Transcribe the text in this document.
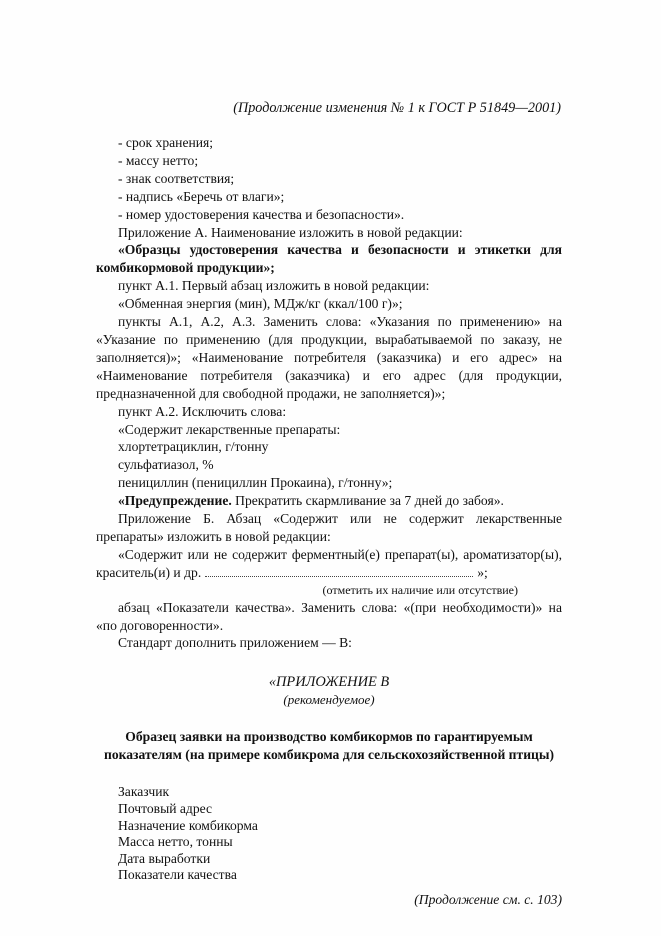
(Продолжение изменения № 1 к ГОСТ Р 51849—2001)

- срок хранения;

- массу нетто;

- знак соответствия;

- надпись «Беречь от влаги»;

- номер удостоверения качества и безопасности».

Приложение А. Наименование изложить в новой редакции:

«Образцы удостоверения качества и безопасности и этикетки для комбикормовой продукции»;

пункт А.1. Первый абзац изложить в новой редакции:

«Обменная энергия (мин), МДж/кг (ккал/100 г)»;

пункты А.1, А.2, А.3. Заменить слова: «Указания по применению» на «Указание по применению (для продукции, вырабатываемой по заказу, не заполняется)»; «Наименование потребителя (заказчика) и его адрес» на «Наименование потребителя (заказчика) и его адрес (для продукции, предназначенной для свободной продажи, не заполняется)»;

пункт А.2. Исключить слова:

«Содержит лекарственные препараты:

хлортетрациклин, г/тонну

сульфатиазол, %

пенициллин (пенициллин Прокаина), г/тонну»;

«Предупреждение. Прекратить скармливание за 7 дней до забоя».

Приложение Б. Абзац «Содержит или не содержит лекарственные препараты» изложить в новой редакции:

«Содержит или не содержит ферментный(е) препарат(ы), ароматизатор(ы), краситель(и) и др.	»;

(отметить их наличие или отсутствие)

абзац «Показатели качества». Заменить слова: «(при необходимости)» на «по договоренности».

Стандарт дополнить приложением — В:

«ПРИЛОЖЕНИЕ В
(рекомендуемое)

Образец заявки на производство комбикормов по гарантируемым показателям (на примере комбикрома для сельскохозяйственной птицы)

Заказчик
Почтовый адрес
Назначение комбикорма
Масса нетто, тонны
Дата выработки
Показатели качества
(Продолжение см. с. 103)
